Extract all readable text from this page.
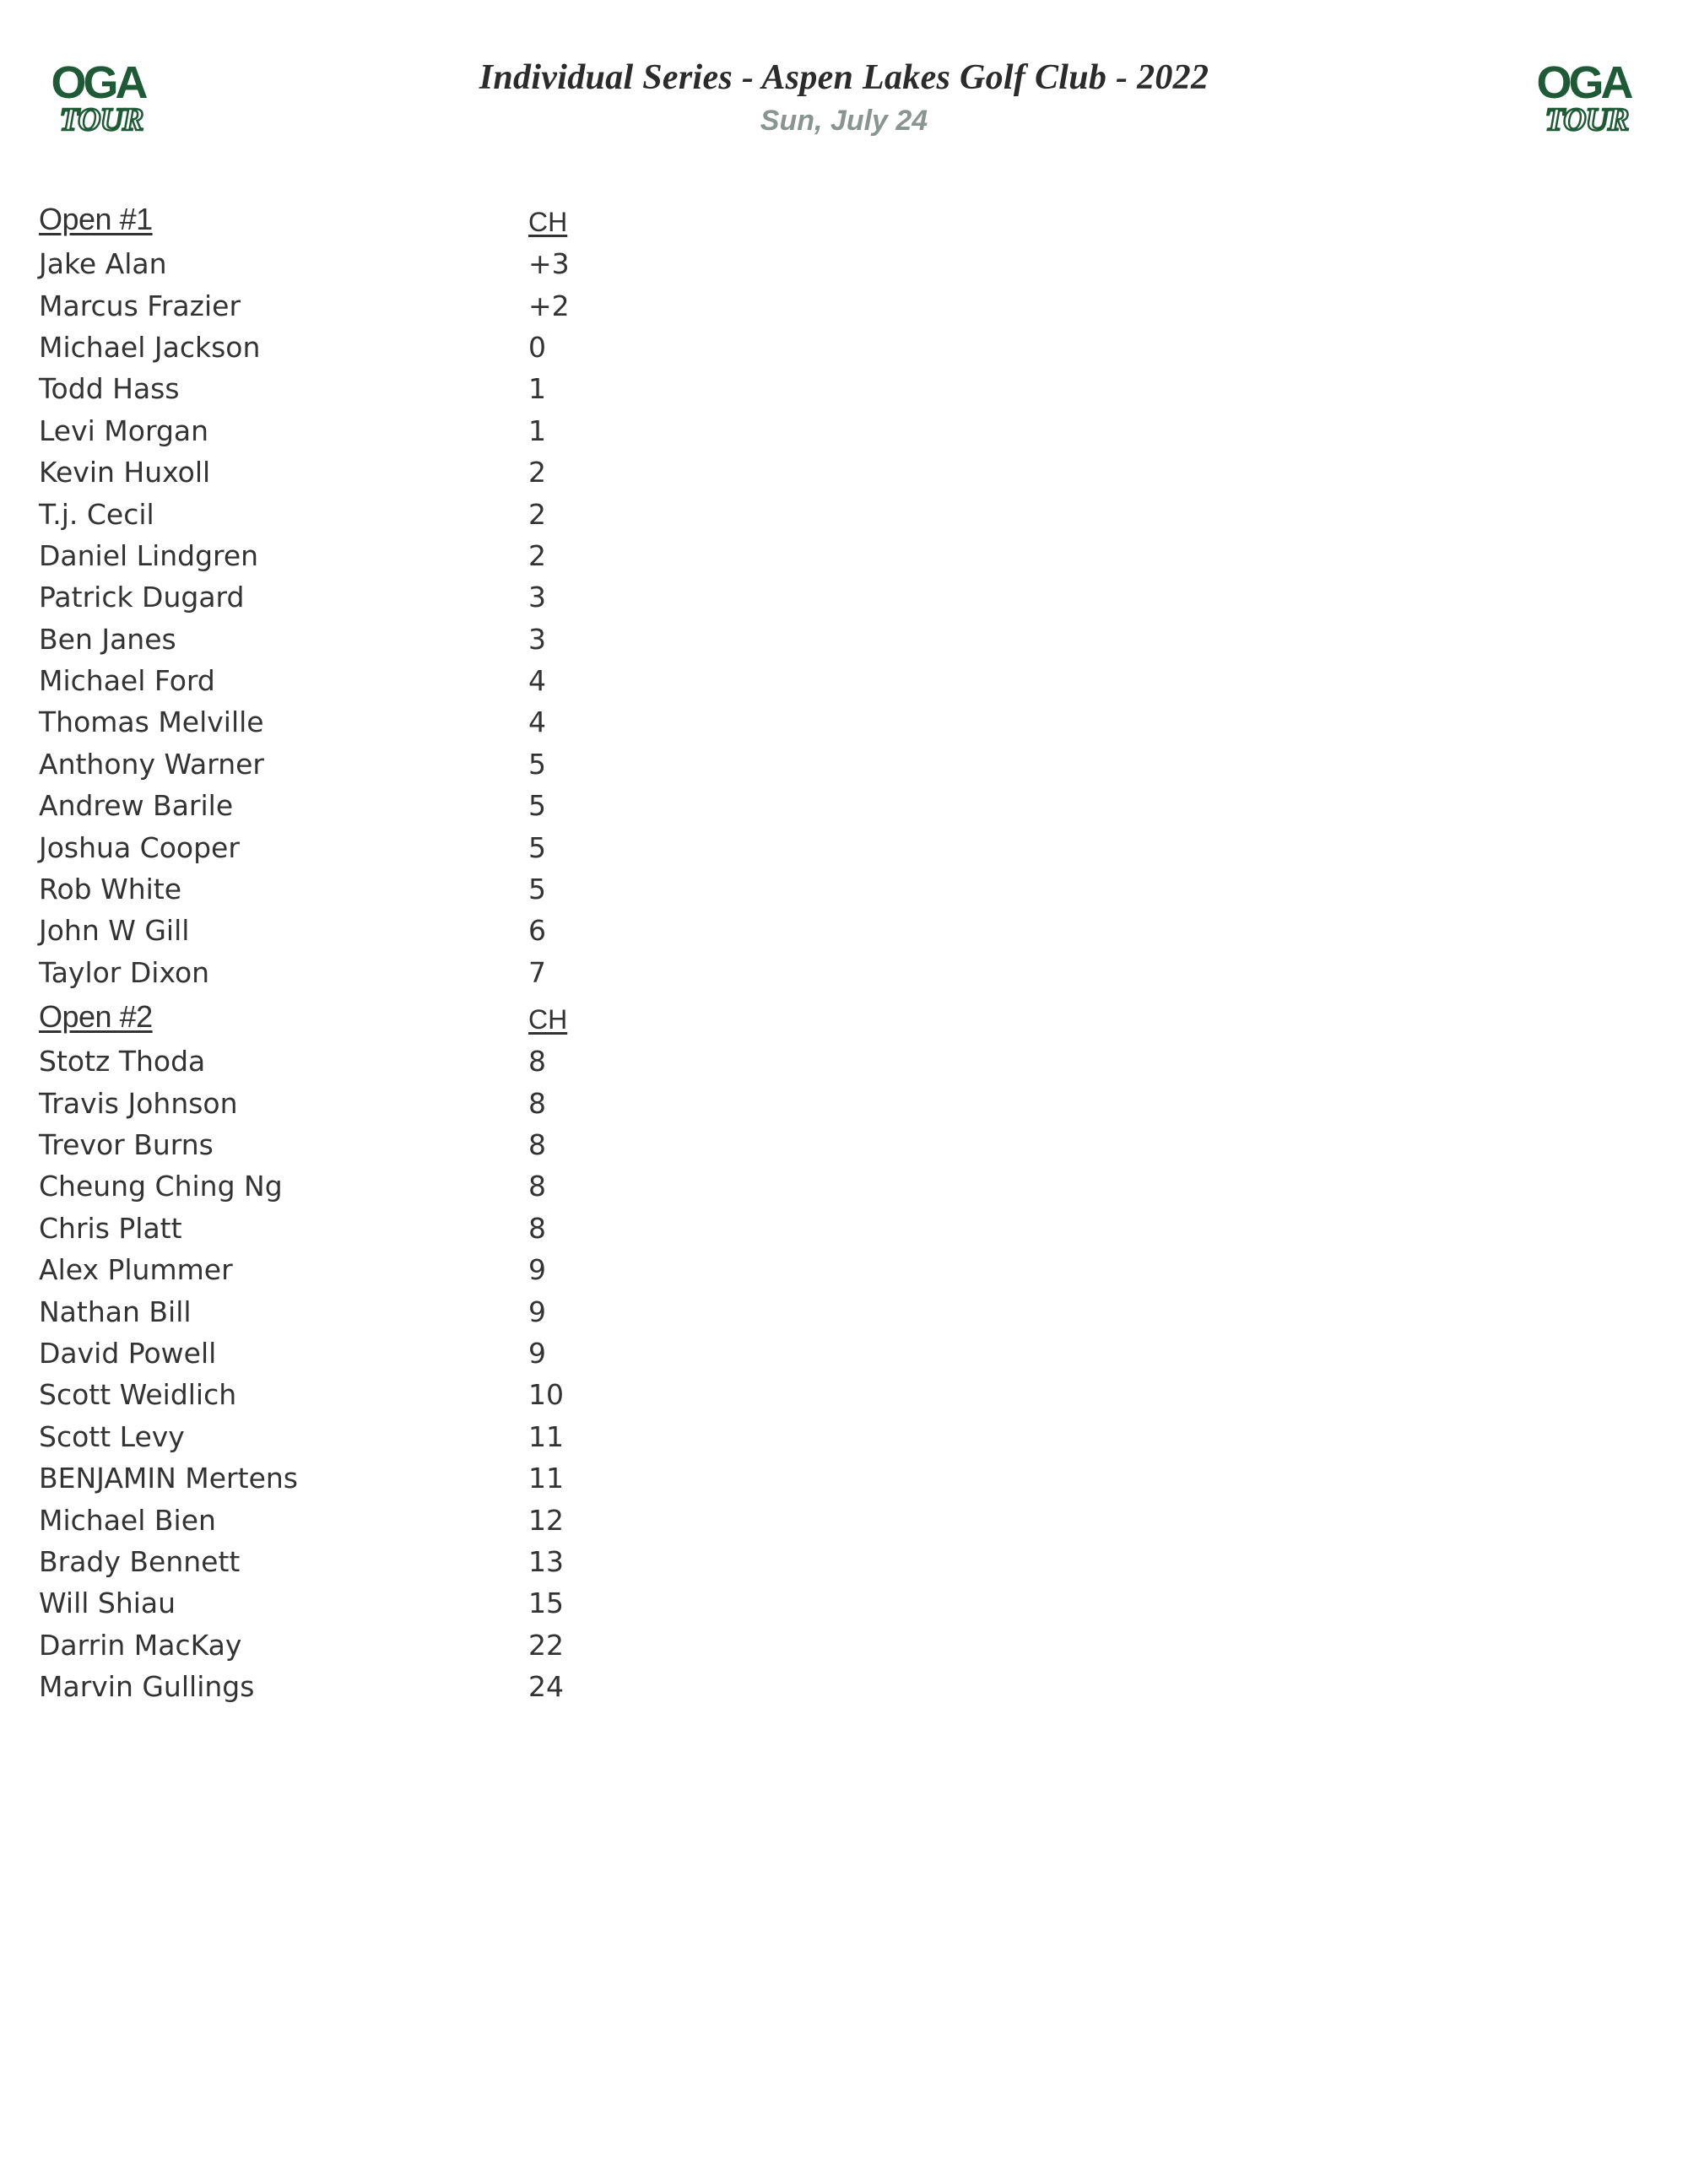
OGA
TOUR
OGA
TOUR
Individual Series - Aspen Lakes Golf Club - 2022
Sun, July 24
Open #1	CH
Jake Alan	+3
Marcus Frazier	+2
Michael Jackson	0
Todd Hass	1
Levi Morgan	1
Kevin Huxoll	2
T.j. Cecil	2
Daniel Lindgren	2
Patrick Dugard	3
Ben Janes	3
Michael Ford	4
Thomas Melville	4
Anthony Warner	5
Andrew Barile	5
Joshua Cooper	5
Rob White	5
John W Gill	6
Taylor Dixon	7
Open #2	CH
Stotz Thoda	8
Travis Johnson	8
Trevor Burns	8
Cheung Ching Ng	8
Chris Platt	8
Alex Plummer	9
Nathan Bill	9
David Powell	9
Scott Weidlich	10
Scott Levy	11
BENJAMIN Mertens	11
Michael Bien	12
Brady Bennett	13
Will Shiau	15
Darrin MacKay	22
Marvin Gullings	24
